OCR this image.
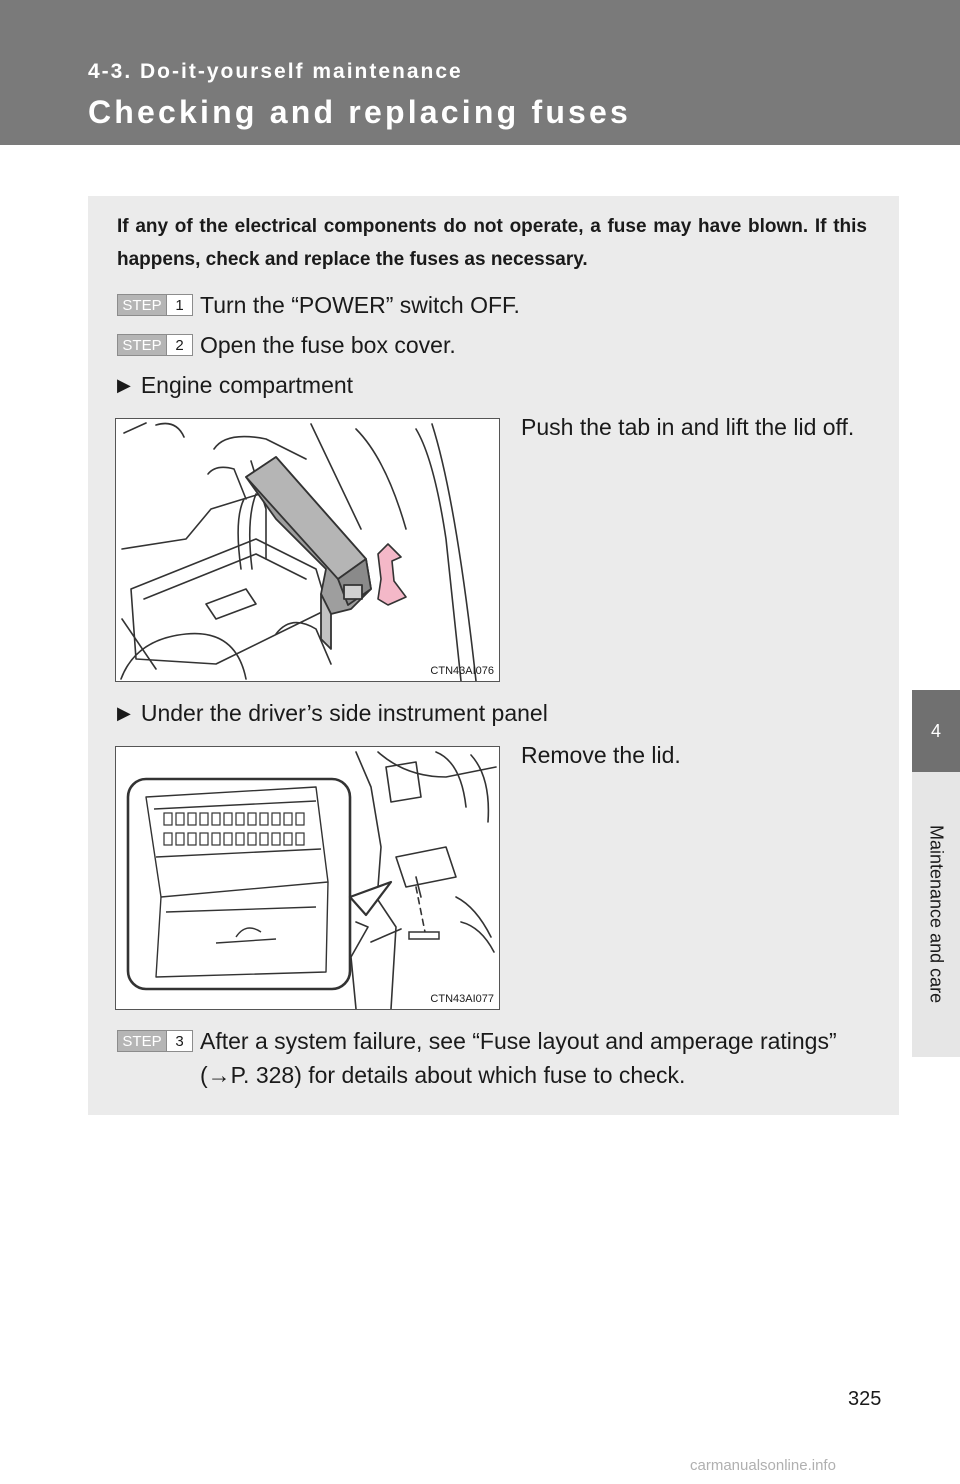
4-3. Do-it-yourself maintenance

Checking and replacing fuses
4
Maintenance and care

If any of the electrical components do not operate, a fuse may have blown. If this happens, check and replace the fuses as necessary.

STEP 1 Turn the “POWER” switch OFF.

STEP 2 Open the fuse box cover.

▶ Engine compartment
CTN43AI076

Push the tab in and lift the lid off.

▶ Under the driver’s side instrument panel
CTN43AI077

Remove the lid.

STEP 3 After a system failure, see “Fuse layout and amperage ratings” (→P. 328) for details about which fuse to check.

325
carmanualsonline.info
